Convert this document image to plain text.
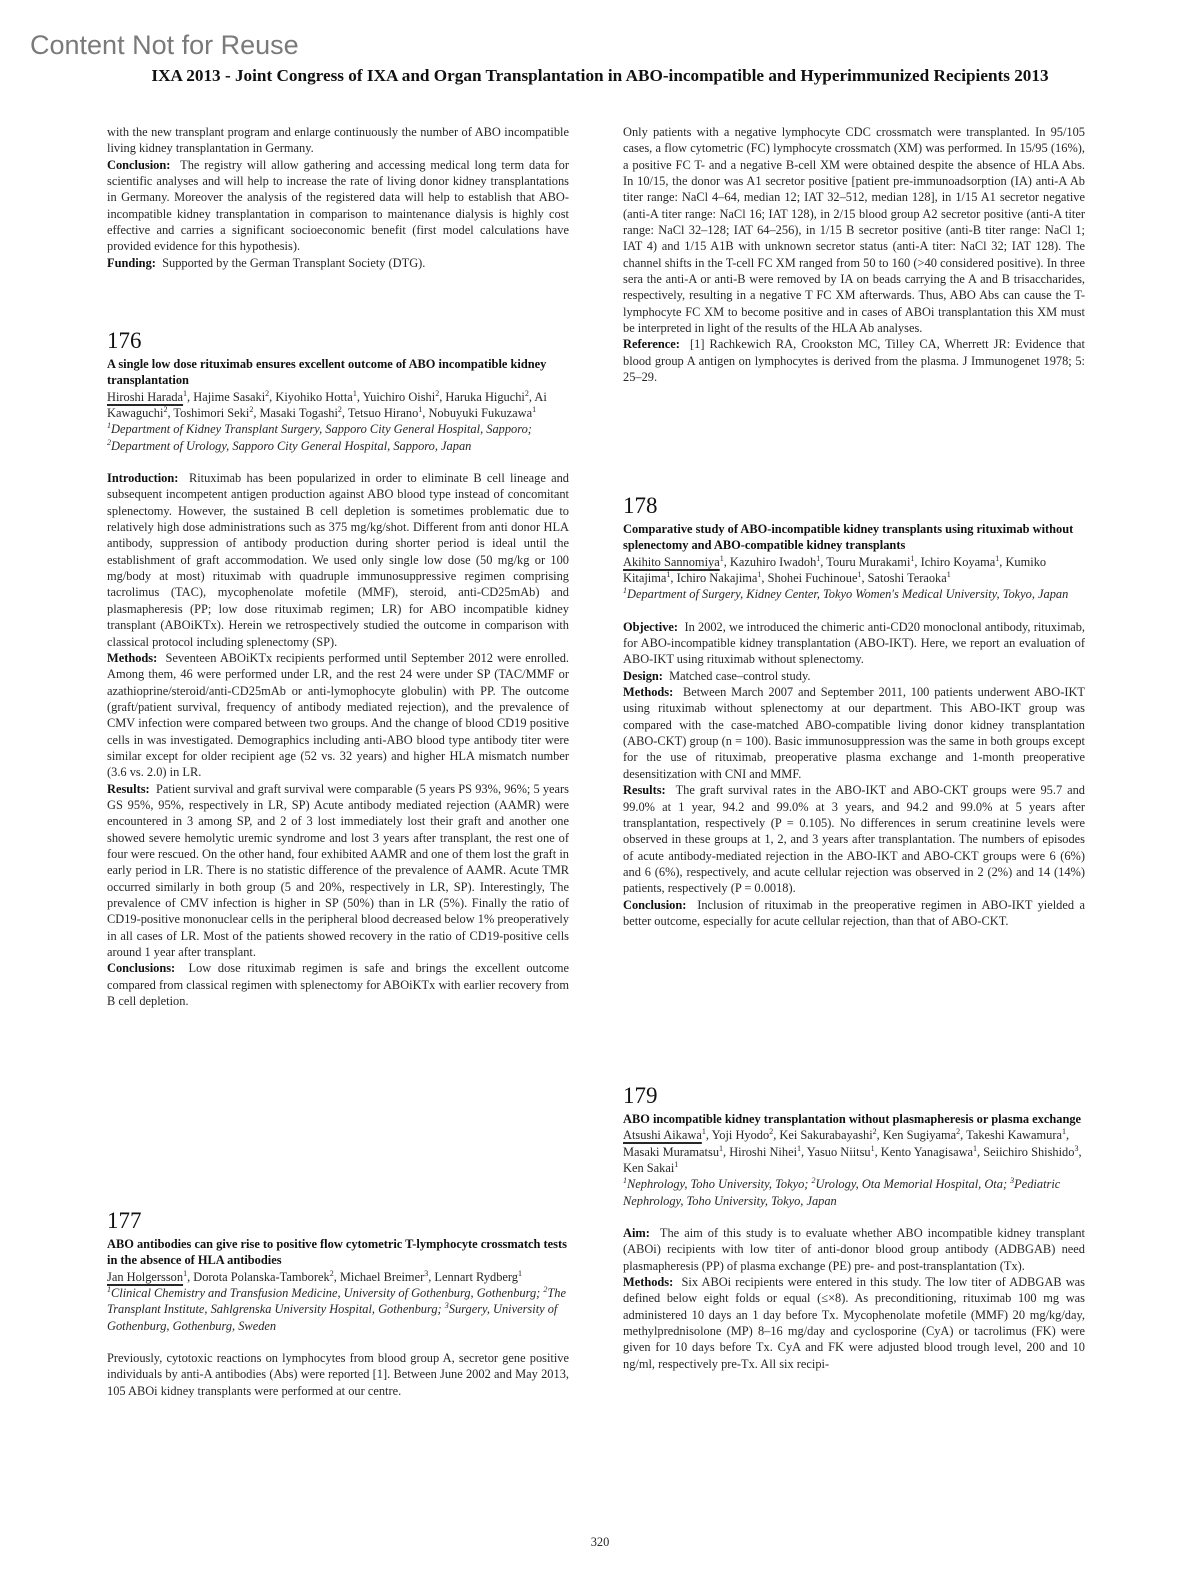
Content Not for Reuse
IXA 2013 - Joint Congress of IXA and Organ Transplantation in ABO-incompatible and Hyperimmunized Recipients 2013

with the new transplant program and enlarge continuously the number of ABO incompatible living kidney transplantation in Germany.

Conclusion: The registry will allow gathering and accessing medical long term data for scientific analyses and will help to increase the rate of living donor kidney transplantations in Germany. Moreover the analysis of the registered data will help to establish that ABO-incompatible kidney transplantation in comparison to maintenance dialysis is highly cost effective and carries a significant socioeconomic benefit (first model calculations have provided evidence for this hypothesis).

Funding: Supported by the German Transplant Society (DTG).

176
A single low dose rituximab ensures excellent outcome of ABO incompatible kidney transplantation
Hiroshi Harada$^1$, Hajime Sasaki$^2$, Kiyohiko Hotta$^1$, Yuichiro Oishi$^2$, Haruka Higuchi$^2$, Ai Kawaguchi$^2$, Toshimori Seki$^2$, Masaki Togashi$^2$, Tetsuo Hirano$^1$, Nobuyuki Fukuzawa$^1$
$^1$Department of Kidney Transplant Surgery, Sapporo City General Hospital, Sapporo; $^2$Department of Urology, Sapporo City General Hospital, Sapporo, Japan

Introduction: Rituximab has been popularized in order to eliminate B cell lineage and subsequent incompetent antigen production against ABO blood type instead of concomitant splenectomy. However, the sustained B cell depletion is sometimes problematic due to relatively high dose administrations such as 375 mg/kg/shot. Different from anti donor HLA antibody, suppression of antibody production during shorter period is ideal until the establishment of graft accommodation. We used only single low dose (50 mg/kg or 100 mg/body at most) rituximab with quadruple immunosuppressive regimen comprising tacrolimus (TAC), mycophenolate mofetile (MMF), steroid, anti-CD25mAb) and plasmapheresis (PP; low dose rituximab regimen; LR) for ABO incompatible kidney transplant (ABOiKTx). Herein we retrospectively studied the outcome in comparison with classical protocol including splenectomy (SP).

Methods: Seventeen ABOiKTx recipients performed until September 2012 were enrolled. Among them, 46 were performed under LR, and the rest 24 were under SP (TAC/MMF or azathioprine/steroid/anti-CD25mAb or anti-lymophocyte globulin) with PP. The outcome (graft/patient survival, frequency of antibody mediated rejection), and the prevalence of CMV infection were compared between two groups. And the change of blood CD19 positive cells in was investigated. Demographics including anti-ABO blood type antibody titer were similar except for older recipient age (52 vs. 32 years) and higher HLA mismatch number (3.6 vs. 2.0) in LR.

Results: Patient survival and graft survival were comparable (5 years PS 93%, 96%; 5 years GS 95%, 95%, respectively in LR, SP) Acute antibody mediated rejection (AAMR) were encountered in 3 among SP, and 2 of 3 lost immediately lost their graft and another one showed severe hemolytic uremic syndrome and lost 3 years after transplant, the rest one of four were rescued. On the other hand, four exhibited AAMR and one of them lost the graft in early period in LR. There is no statistic difference of the prevalence of AAMR. Acute TMR occurred similarly in both group (5 and 20%, respectively in LR, SP). Interestingly, The prevalence of CMV infection is higher in SP (50%) than in LR (5%). Finally the ratio of CD19-positive mononuclear cells in the peripheral blood decreased below 1% preoperatively in all cases of LR. Most of the patients showed recovery in the ratio of CD19-positive cells around 1 year after transplant.

Conclusions: Low dose rituximab regimen is safe and brings the excellent outcome compared from classical regimen with splenectomy for ABOiKTx with earlier recovery from B cell depletion.

177
ABO antibodies can give rise to positive flow cytometric T-lymphocyte crossmatch tests in the absence of HLA antibodies
Jan Holgersson$^1$, Dorota Polanska-Tamborek$^2$, Michael Breimer$^3$, Lennart Rydberg$^1$
$^1$Clinical Chemistry and Transfusion Medicine, University of Gothenburg, Gothenburg; $^2$The Transplant Institute, Sahlgrenska University Hospital, Gothenburg; $^3$Surgery, University of Gothenburg, Gothenburg, Sweden

Previously, cytotoxic reactions on lymphocytes from blood group A, secretor gene positive individuals by anti-A antibodies (Abs) were reported [1]. Between June 2002 and May 2013, 105 ABOi kidney transplants were performed at our centre.

Only patients with a negative lymphocyte CDC crossmatch were transplanted. In 95/105 cases, a flow cytometric (FC) lymphocyte crossmatch (XM) was performed. In 15/95 (16%), a positive FC T- and a negative B-cell XM were obtained despite the absence of HLA Abs. In 10/15, the donor was A1 secretor positive [patient pre-immunoadsorption (IA) anti-A Ab titer range: NaCl 4–64, median 12; IAT 32–512, median 128], in 1/15 A1 secretor negative (anti-A titer range: NaCl 16; IAT 128), in 2/15 blood group A2 secretor positive (anti-A titer range: NaCl 32–128; IAT 64–256), in 1/15 B secretor positive (anti-B titer range: NaCl 1; IAT 4) and 1/15 A1B with unknown secretor status (anti-A titer: NaCl 32; IAT 128). The channel shifts in the T-cell FC XM ranged from 50 to 160 (>40 considered positive). In three sera the anti-A or anti-B were removed by IA on beads carrying the A and B trisaccharides, respectively, resulting in a negative T FC XM afterwards. Thus, ABO Abs can cause the T-lymphocyte FC XM to become positive and in cases of ABOi transplantation this XM must be interpreted in light of the results of the HLA Ab analyses.

Reference: [1] Rachkewich RA, Crookston MC, Tilley CA, Wherrett JR: Evidence that blood group A antigen on lymphocytes is derived from the plasma. J Immunogenet 1978; 5: 25–29.

178
Comparative study of ABO-incompatible kidney transplants using rituximab without splenectomy and ABO-compatible kidney transplants
Akihito Sannomiya$^1$, Kazuhiro Iwadoh$^1$, Touru Murakami$^1$, Ichiro Koyama$^1$, Kumiko Kitajima$^1$, Ichiro Nakajima$^1$, Shohei Fuchinoue$^1$, Satoshi Teraoka$^1$
$^1$Department of Surgery, Kidney Center, Tokyo Women's Medical University, Tokyo, Japan

Objective: In 2002, we introduced the chimeric anti-CD20 monoclonal antibody, rituximab, for ABO-incompatible kidney transplantation (ABO-IKT). Here, we report an evaluation of ABO-IKT using rituximab without splenectomy.

Design: Matched case–control study.

Methods: Between March 2007 and September 2011, 100 patients underwent ABO-IKT using rituximab without splenectomy at our department. This ABO-IKT group was compared with the case-matched ABO-compatible living donor kidney transplantation (ABO-CKT) group (n = 100). Basic immunosuppression was the same in both groups except for the use of rituximab, preoperative plasma exchange and 1-month preoperative desensitization with CNI and MMF.

Results: The graft survival rates in the ABO-IKT and ABO-CKT groups were 95.7 and 99.0% at 1 year, 94.2 and 99.0% at 3 years, and 94.2 and 99.0% at 5 years after transplantation, respectively (P = 0.105). No differences in serum creatinine levels were observed in these groups at 1, 2, and 3 years after transplantation. The numbers of episodes of acute antibody-mediated rejection in the ABO-IKT and ABO-CKT groups were 6 (6%) and 6 (6%), respectively, and acute cellular rejection was observed in 2 (2%) and 14 (14%) patients, respectively (P = 0.0018).

Conclusion: Inclusion of rituximab in the preoperative regimen in ABO-IKT yielded a better outcome, especially for acute cellular rejection, than that of ABO-CKT.

179
ABO incompatible kidney transplantation without plasmapheresis or plasma exchange
Atsushi Aikawa$^1$, Yoji Hyodo$^2$, Kei Sakurabayashi$^2$, Ken Sugiyama$^2$, Takeshi Kawamura$^1$, Masaki Muramatsu$^1$, Hiroshi Nihei$^1$, Yasuo Niitsu$^1$, Kento Yanagisawa$^1$, Seiichiro Shishido$^3$, Ken Sakai$^1$
$^1$Nephrology, Toho University, Tokyo; $^2$Urology, Ota Memorial Hospital, Ota; $^3$Pediatric Nephrology, Toho University, Tokyo, Japan

Aim: The aim of this study is to evaluate whether ABO incompatible kidney transplant (ABOi) recipients with low titer of anti-donor blood group antibody (ADBGAB) need plasmapheresis (PP) of plasma exchange (PE) pre- and post-transplantation (Tx).

Methods: Six ABOi recipients were entered in this study. The low titer of ADBGAB was defined below eight folds or equal (≤×8). As preconditioning, rituximab 100 mg was administered 10 days an 1 day before Tx. Mycophenolate mofetile (MMF) 20 mg/kg/day, methylprednisolone (MP) 8–16 mg/day and cyclosporine (CyA) or tacrolimus (FK) were given for 10 days before Tx. CyA and FK were adjusted blood trough level, 200 and 10 ng/ml, respectively pre-Tx. All six recipi-

320
